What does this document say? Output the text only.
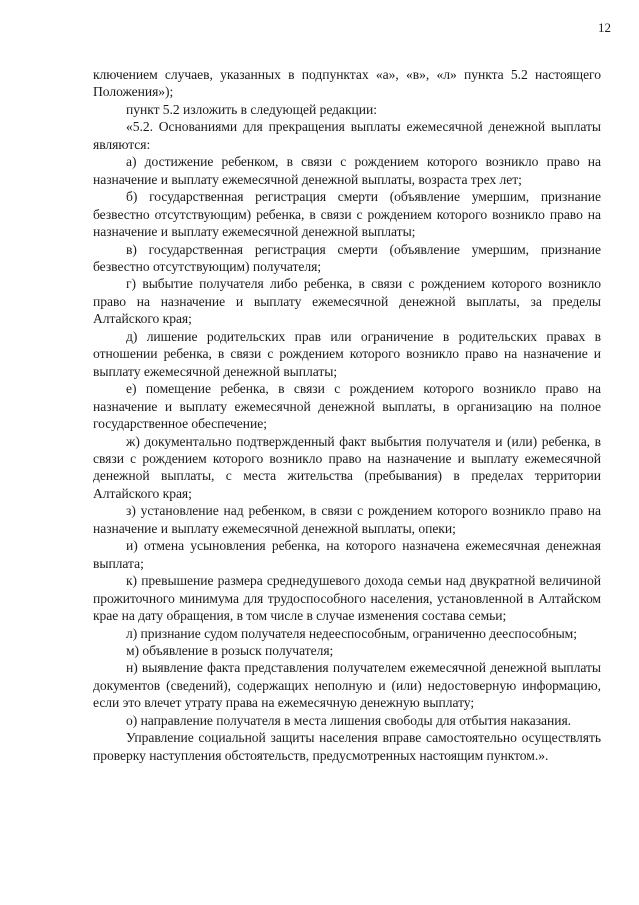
12

ключением случаев, указанных в подпунктах «а», «в», «л» пункта 5.2 настоящего Положения»);

пункт 5.2 изложить в следующей редакции:

«5.2. Основаниями для прекращения выплаты ежемесячной денежной выплаты являются:

а) достижение ребенком, в связи с рождением которого возникло право на назначение и выплату ежемесячной денежной выплаты, возраста трех лет;

б) государственная регистрация смерти (объявление умершим, признание безвестно отсутствующим) ребенка, в связи с рождением которого возникло право на назначение и выплату ежемесячной денежной выплаты;

в) государственная регистрация смерти (объявление умершим, признание безвестно отсутствующим) получателя;

г) выбытие получателя либо ребенка, в связи с рождением которого возникло право на назначение и выплату ежемесячной денежной выплаты, за пределы Алтайского края;

д) лишение родительских прав или ограничение в родительских правах в отношении ребенка, в связи с рождением которого возникло право на назначение и выплату ежемесячной денежной выплаты;

е) помещение ребенка, в связи с рождением которого возникло право на назначение и выплату ежемесячной денежной выплаты, в организацию на полное государственное обеспечение;

ж) документально подтвержденный факт выбытия получателя и (или) ребенка, в связи с рождением которого возникло право на назначение и выплату ежемесячной денежной выплаты, с места жительства (пребывания) в пределах территории Алтайского края;

з) установление над ребенком, в связи с рождением которого возникло право на назначение и выплату ежемесячной денежной выплаты, опеки;

и) отмена усыновления ребенка, на которого назначена ежемесячная денежная выплата;

к) превышение размера среднедушевого дохода семьи над двукратной величиной прожиточного минимума для трудоспособного населения, установленной в Алтайском крае на дату обращения, в том числе в случае изменения состава семьи;

л) признание судом получателя недееспособным, ограниченно дееспособным;

м) объявление в розыск получателя;

н) выявление факта представления получателем ежемесячной денежной выплаты документов (сведений), содержащих неполную и (или) недостоверную информацию, если это влечет утрату права на ежемесячную денежную выплату;

о) направление получателя в места лишения свободы для отбытия наказания.

Управление социальной защиты населения вправе самостоятельно осуществлять проверку наступления обстоятельств, предусмотренных настоящим пунктом.».
